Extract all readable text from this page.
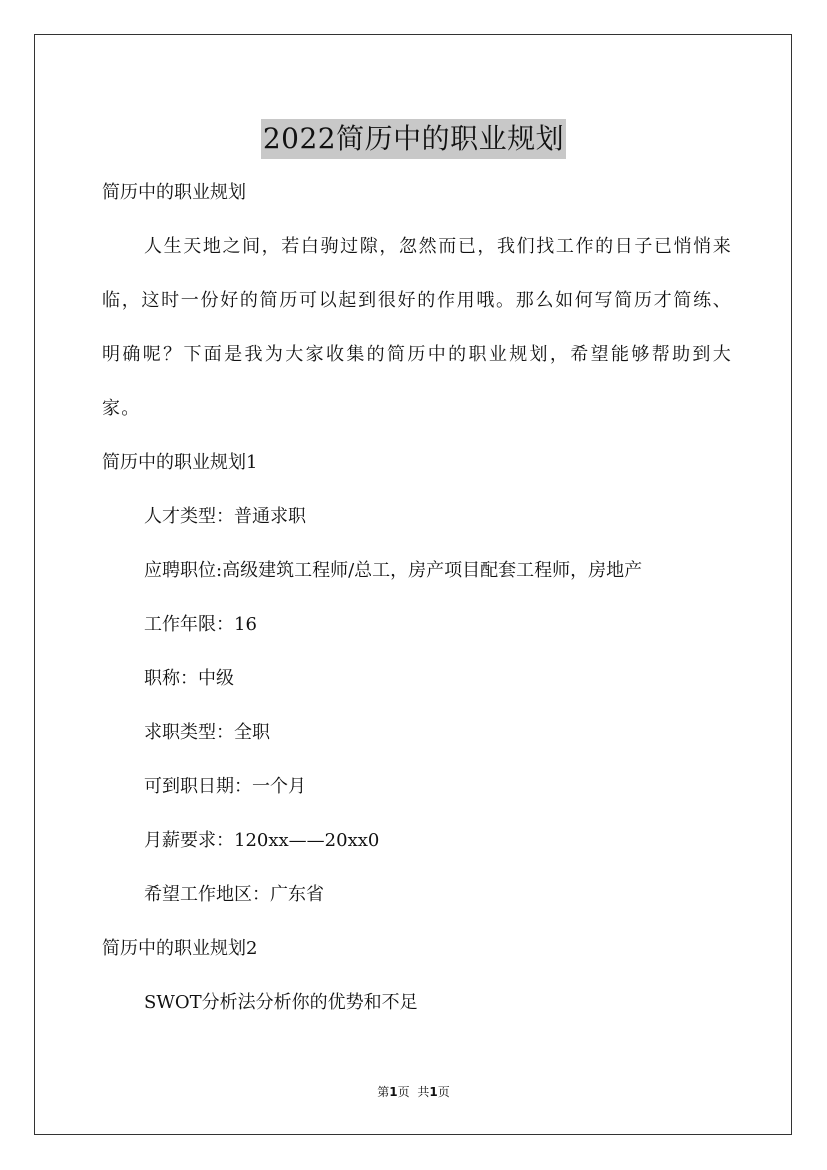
2022简历中的职业规划
简历中的职业规划
人生天地之间，若白驹过隙，忽然而已，我们找工作的日子已悄悄来临，这时一份好的简历可以起到很好的作用哦。那么如何写简历才简练、明确呢？下面是我为大家收集的简历中的职业规划，希望能够帮助到大家。
简历中的职业规划1
人才类型：普通求职
应聘职位:高级建筑工程师/总工，房产项目配套工程师，房地产
工作年限：16
职称：中级
求职类型：全职
可到职日期：一个月
月薪要求：120xx——20xx0
希望工作地区：广东省
简历中的职业规划2
SWOT分析法分析你的优势和不足
第1页 共1页
